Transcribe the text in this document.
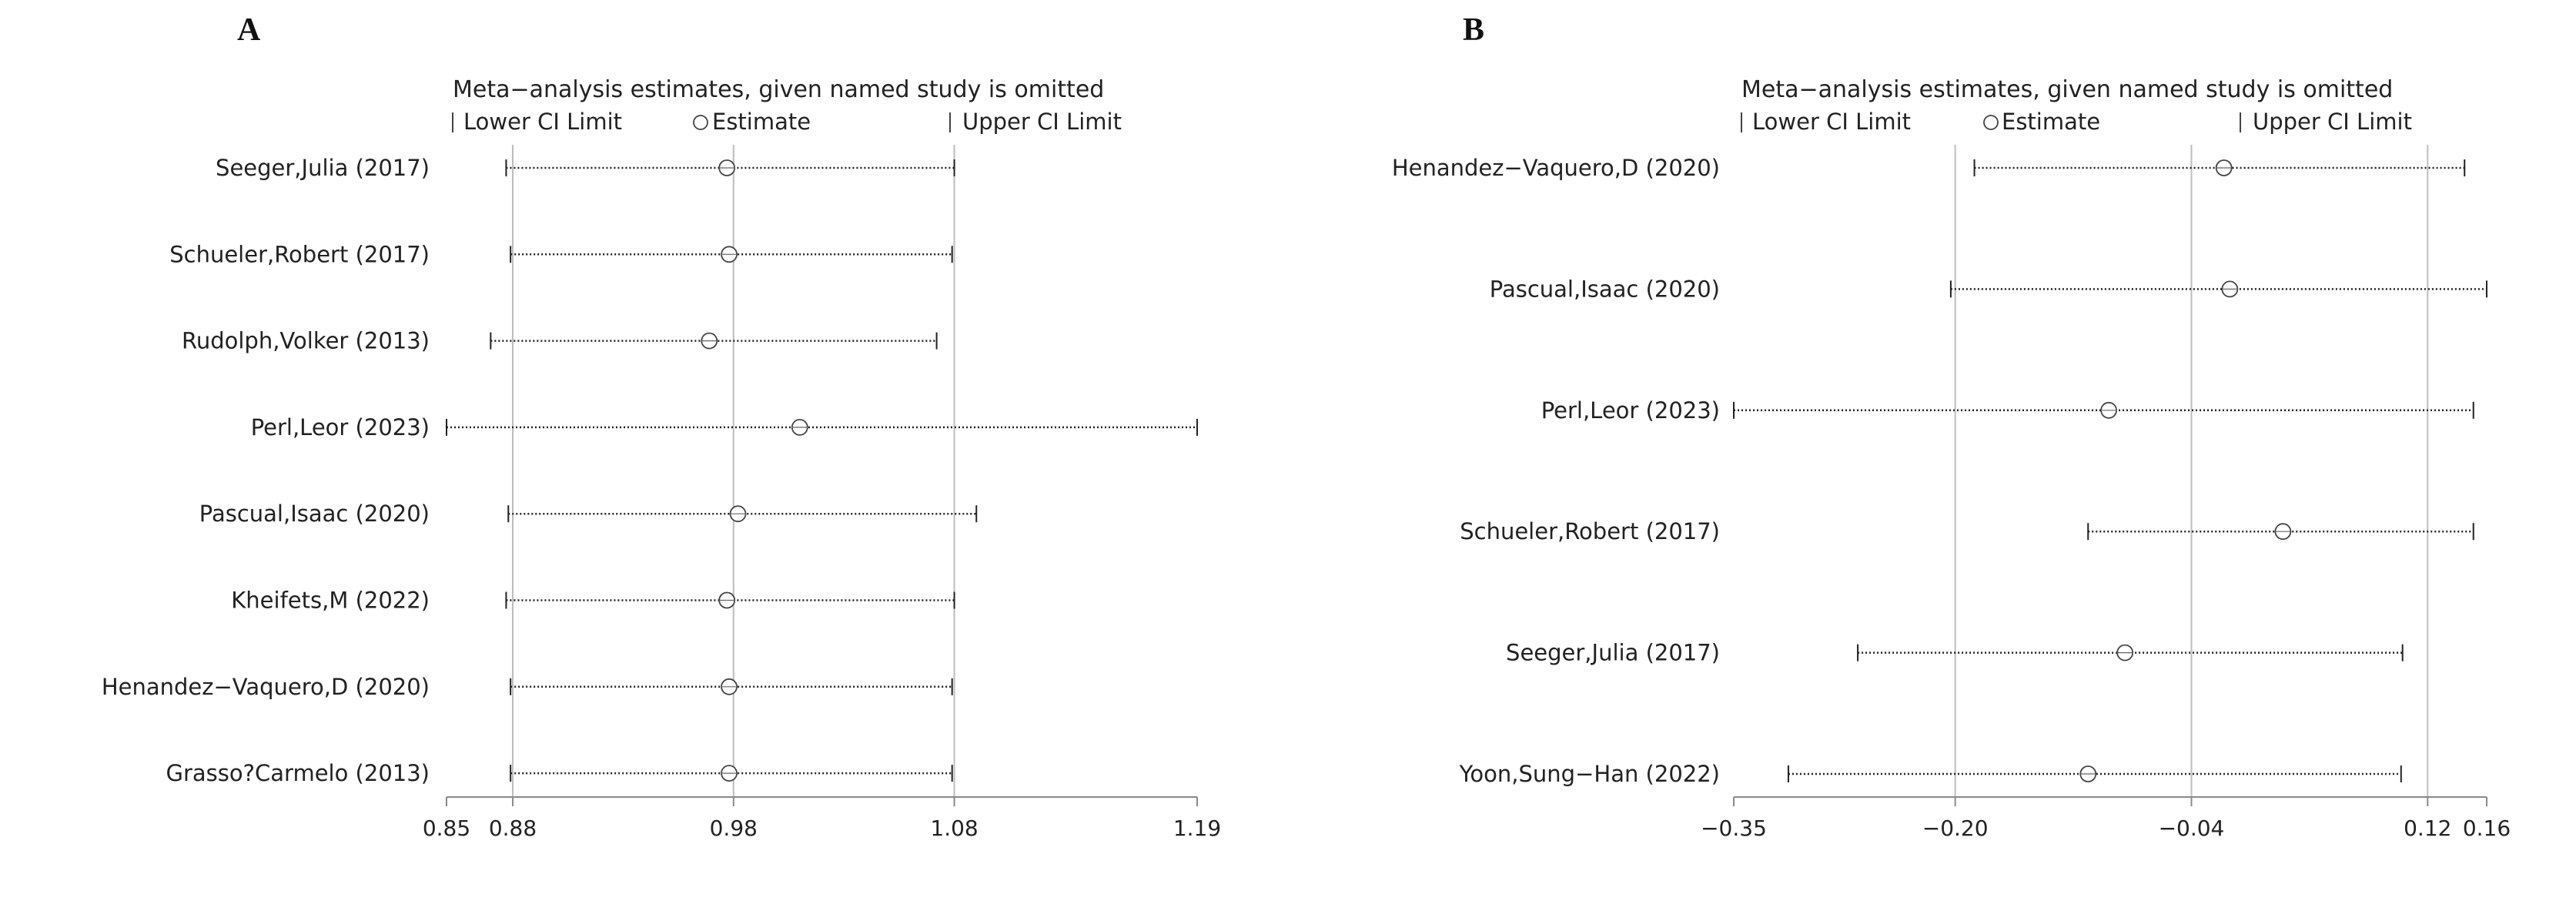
A
Meta−analysis estimates, given named study is omitted
Lower CI Limit	Estimate	Upper CI Limit
0.85 0.88	0.98	1.08	1.19
Seeger,Julia (2017)
Schueler,Robert (2017)
Rudolph,Volker (2013)
Perl,Leor (2023)
Pascual,Isaac (2020)
Kheifets,M (2022)
Henandez−Vaquero,D (2020)
Grasso?Carmelo (2013)
B
Meta−analysis estimates, given named study is omitted
Lower CI Limit	Estimate	Upper CI Limit
−0.35	−0.20	−0.04	0.12 0.16
Henandez−Vaquero,D (2020)
Pascual,Isaac (2020)
Perl,Leor (2023)
Schueler,Robert (2017)
Seeger,Julia (2017)
Yoon,Sung−Han (2022)
